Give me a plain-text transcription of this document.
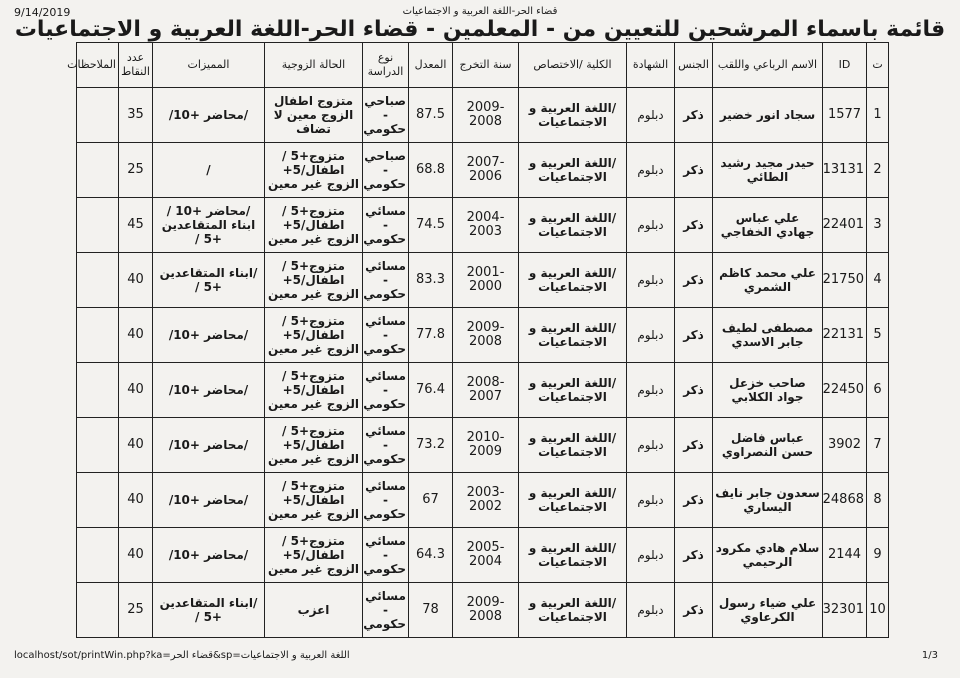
9/14/2019	قضاء الحر-اللغة العربية و الاجتماعيات
قائمة باسماء المرشحين للتعيين من - المعلمين - قضاء الحر-اللغة العربية و الاجتماعيات
ت	ID	الاسم الرباعي واللقب	الجنس	الشهادة	الكلية /الاختصاص	سنة التخرج	المعدل	نوع الدراسة	الحالة الزوجية	المميزات	عدد النقاط	الملاحظات
1	1577	سجاد انور خضير	ذكر	دبلوم	/اللغة العربية و الاجتماعيات	2009-2008	87.5	صباحي - حكومي	متزوج اطفال الزوج معين لا تضاف	/محاضر +10/	35	
2	13131	حيدر مجيد رشيد الطائي	ذكر	دبلوم	/اللغة العربية و الاجتماعيات	2007-2006	68.8	صباحي - حكومي	متزوج+5 / اطفال/5+ الزوج غير معين	/	25	
3	22401	علي عباس جهادي الخفاجي	ذكر	دبلوم	/اللغة العربية و الاجتماعيات	2004-2003	74.5	مسائي - حكومي	متزوج+5 / اطفال/5+ الزوج غير معين	/محاضر +10 /ابناء المتقاعدين +5 /	45	
4	21750	علي محمد كاظم الشمري	ذكر	دبلوم	/اللغة العربية و الاجتماعيات	2001-2000	83.3	مسائي - حكومي	متزوج+5 / اطفال/5+ الزوج غير معين	/ابناء المتقاعدين +5 /	40	
5	22131	مصطفى لطيف جابر الاسدي	ذكر	دبلوم	/اللغة العربية و الاجتماعيات	2009-2008	77.8	مسائي - حكومي	متزوج+5 / اطفال/5+ الزوج غير معين	/محاضر +10/	40	
6	22450	صاحب خزعل جواد الكلابي	ذكر	دبلوم	/اللغة العربية و الاجتماعيات	2008-2007	76.4	مسائي - حكومي	متزوج+5 / اطفال/5+ الزوج غير معين	/محاضر +10/	40	
7	3902	عباس فاضل حسن النصراوي	ذكر	دبلوم	/اللغة العربية و الاجتماعيات	2010-2009	73.2	مسائي - حكومي	متزوج+5 / اطفال/5+ الزوج غير معين	/محاضر +10/	40	
8	24868	سعدون جابر نايف اليساري	ذكر	دبلوم	/اللغة العربية و الاجتماعيات	2003-2002	67	مسائي - حكومي	متزوج+5 / اطفال/5+ الزوج غير معين	/محاضر +10/	40	
9	2144	سلام هادي مكرود الرحيمي	ذكر	دبلوم	/اللغة العربية و الاجتماعيات	2005-2004	64.3	مسائي - حكومي	متزوج+5 / اطفال/5+ الزوج غير معين	/محاضر +10/	40	
10	32301	علي ضياء رسول الكرعاوي	ذكر	دبلوم	/اللغة العربية و الاجتماعيات	2009-2008	78	مسائي - حكومي	اعزب	/ابناء المتقاعدين +5 /	25	
localhost/sot/printWin.php?ka=قضاء الحر&sp=اللغة العربية و الاجتماعيات	1/3
